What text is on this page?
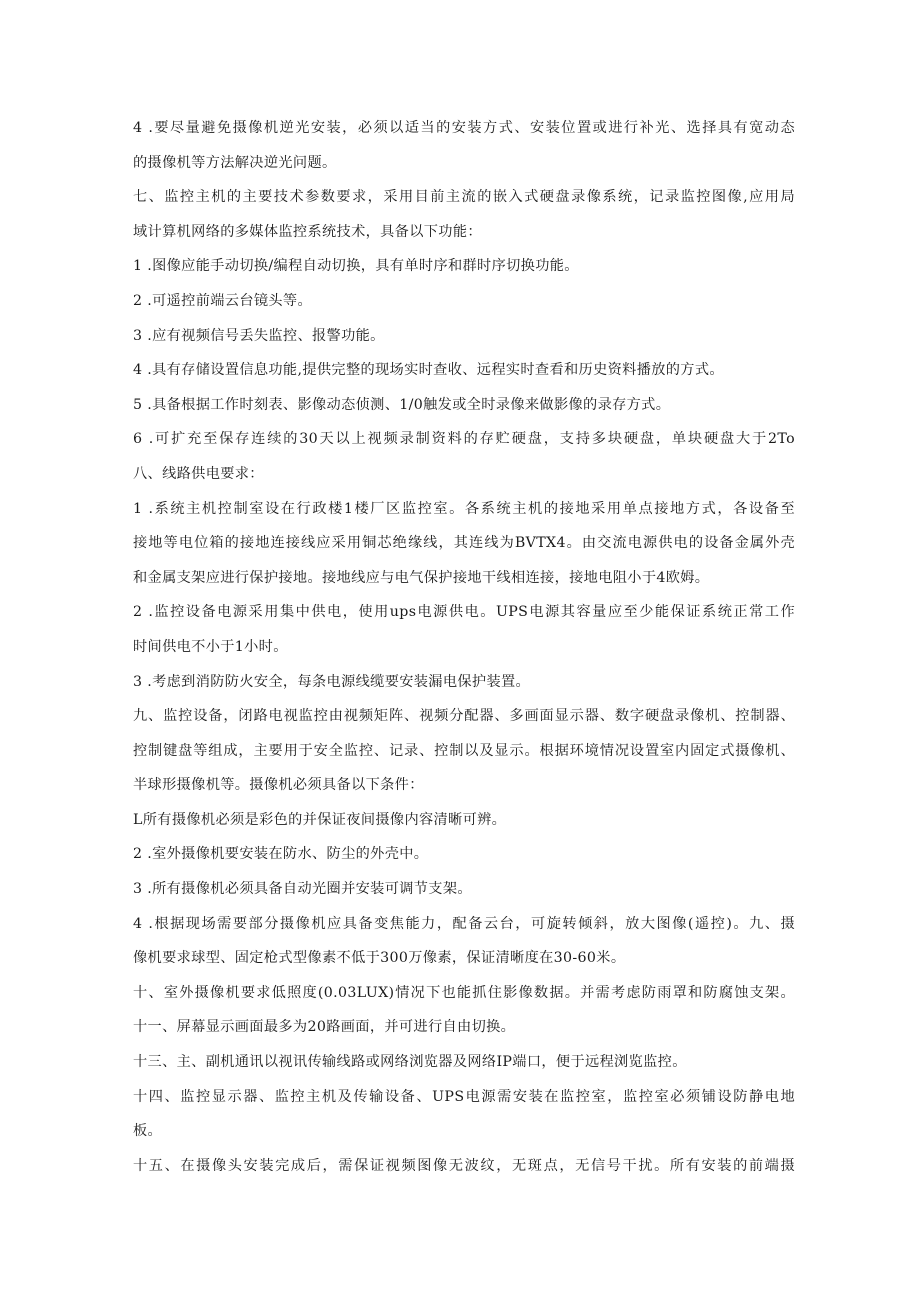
4 .要尽量避免摄像机逆光安装，必须以适当的安装方式、安装位置或进行补光、选择具有宽动态
的摄像机等方法解决逆光问题。
七、监控主机的主要技术参数要求，采用目前主流的嵌入式硬盘录像系统，记录监控图像,应用局
域计算机网络的多媒体监控系统技术，具备以下功能：
1 .图像应能手动切换/编程自动切换，具有单时序和群时序切换功能。
2 .可遥控前端云台镜头等。
3 .应有视频信号丢失监控、报警功能。
4 .具有存储设置信息功能,提供完整的现场实时查收、远程实时查看和历史资料播放的方式。
5 .具备根据工作时刻表、影像动态侦测、1/0触发或全时录像来做影像的录存方式。
6 .可扩充至保存连续的30天以上视频录制资料的存贮硬盘，支持多块硬盘，单块硬盘大于2To
八、线路供电要求：
1 .系统主机控制室设在行政楼1楼厂区监控室。各系统主机的接地采用单点接地方式，各设备至
接地等电位箱的接地连接线应采用铜芯绝缘线，其连线为BVTX4。由交流电源供电的设备金属外壳
和金属支架应进行保护接地。接地线应与电气保护接地干线相连接，接地电阻小于4欧姆。
2 .监控设备电源采用集中供电，使用ups电源供电。UPS电源其容量应至少能保证系统正常工作
时间供电不小于1小时。
3 .考虑到消防防火安全，每条电源线缆要安装漏电保护装置。
九、监控设备，闭路电视监控由视频矩阵、视频分配器、多画面显示器、数字硬盘录像机、控制器、
控制键盘等组成，主要用于安全监控、记录、控制以及显示。根据环境情况设置室内固定式摄像机、
半球形摄像机等。摄像机必须具备以下条件：
L所有摄像机必须是彩色的并保证夜间摄像内容清晰可辨。
2 .室外摄像机要安装在防水、防尘的外壳中。
3 .所有摄像机必须具备自动光圈并安装可调节支架。
4 .根据现场需要部分摄像机应具备变焦能力，配备云台，可旋转倾斜，放大图像(遥控)。九、摄
像机要求球型、固定枪式型像素不低于300万像素，保证清晰度在30-60米。
十、室外摄像机要求低照度(0.03LUX)情况下也能抓住影像数据。并需考虑防雨罩和防腐蚀支架。
十一、屏幕显示画面最多为20路画面，并可进行自由切换。
十三、主、副机通讯以视讯传输线路或网络浏览器及网络IP端口，便于远程浏览监控。
十四、监控显示器、监控主机及传输设备、UPS电源需安装在监控室，监控室必须铺设防静电地
板。
十五、在摄像头安装完成后，需保证视频图像无波纹，无斑点，无信号干扰。所有安装的前端摄
